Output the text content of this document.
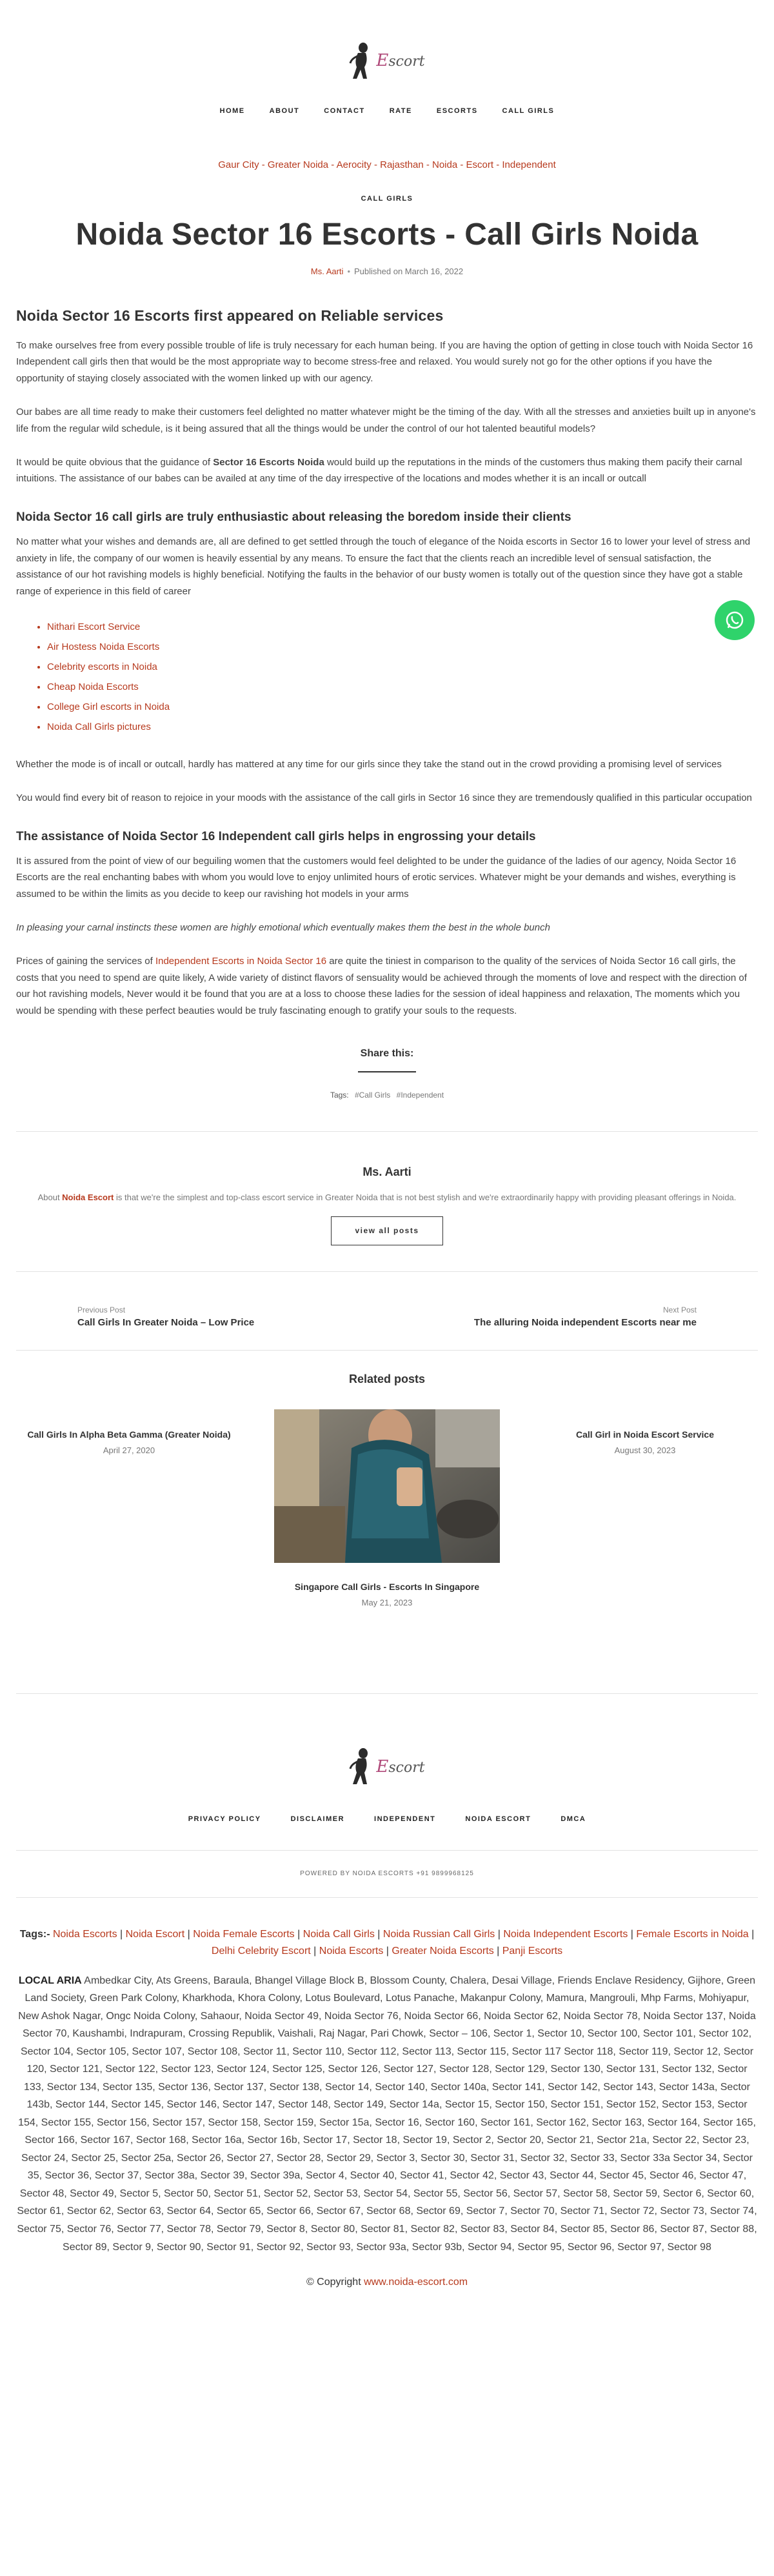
Escort
HOME	ABOUT	CONTACT	RATE	ESCORTS	CALL GIRLS
Gaur City - Greater Noida - Aerocity - Rajasthan - Noida - Escort - Independent
CALL GIRLS
Noida Sector 16 Escorts - Call Girls Noida
Ms. Aarti • Published on March 16, 2022
Noida Sector 16 Escorts first appeared on Reliable services

To make ourselves free from every possible trouble of life is truly necessary for each human being. If you are having the option of getting in close touch with Noida Sector 16 Independent call girls then that would be the most appropriate way to become stress-free and relaxed. You would surely not go for the other options if you have the opportunity of staying closely associated with the women linked up with our agency.

Our babes are all time ready to make their customers feel delighted no matter whatever might be the timing of the day. With all the stresses and anxieties built up in anyone's life from the regular wild schedule, is it being assured that all the things would be under the control of our hot talented beautiful models?

It would be quite obvious that the guidance of Sector 16 Escorts Noida would build up the reputations in the minds of the customers thus making them pacify their carnal intuitions. The assistance of our babes can be availed at any time of the day irrespective of the locations and modes whether it is an incall or outcall

Noida Sector 16 call girls are truly enthusiastic about releasing the boredom inside their clients

No matter what your wishes and demands are, all are defined to get settled through the touch of elegance of the Noida escorts in Sector 16 to lower your level of stress and anxiety in life, the company of our women is heavily essential by any means. To ensure the fact that the clients reach an incredible level of sensual satisfaction, the assistance of our hot ravishing models is highly beneficial. Notifying the faults in the behavior of our busty women is totally out of the question since they have got a stable range of experience in this field of career

• Nithari Escort Service
• Air Hostess Noida Escorts
• Celebrity escorts in Noida
• Cheap Noida Escorts
• College Girl escorts in Noida
• Noida Call Girls pictures

Whether the mode is of incall or outcall, hardly has mattered at any time for our girls since they take the stand out in the crowd providing a promising level of services

You would find every bit of reason to rejoice in your moods with the assistance of the call girls in Sector 16 since they are tremendously qualified in this particular occupation

The assistance of Noida Sector 16 Independent call girls helps in engrossing your details

It is assured from the point of view of our beguiling women that the customers would feel delighted to be under the guidance of the ladies of our agency, Noida Sector 16 Escorts are the real enchanting babes with whom you would love to enjoy unlimited hours of erotic services. Whatever might be your demands and wishes, everything is assumed to be within the limits as you decide to keep our ravishing hot models in your arms

In pleasing your carnal instincts these women are highly emotional which eventually makes them the best in the whole bunch

Prices of gaining the services of Independent Escorts in Noida Sector 16 are quite the tiniest in comparison to the quality of the services of Noida Sector 16 call girls, the costs that you need to spend are quite likely, A wide variety of distinct flavors of sensuality would be achieved through the moments of love and respect with the direction of our hot ravishing models, Never would it be found that you are at a loss to choose these ladies for the session of ideal happiness and relaxation, The moments which you would be spending with these perfect beauties would be truly fascinating enough to gratify your souls to the requests.

Share this:
Tags: #Call Girls #Independent
Ms. Aarti
About Noida Escort is that we're the simplest and top-class escort service in Greater Noida that is not best stylish and we're extraordinarily happy with providing pleasant offerings in Noida.
view all posts
Previous Post
Call Girls In Greater Noida – Low Price
Next Post
The alluring Noida independent Escorts near me
Related posts
Call Girls In Alpha Beta Gamma (Greater Noida)
April 27, 2020
Singapore Call Girls - Escorts In Singapore
May 21, 2023
Call Girl in Noida Escort Service
August 30, 2023
Escort
PRIVACY POLICY	DISCLAIMER	INDEPENDENT	NOIDA ESCORT	DMCA
POWERED BY NOIDA ESCORTS +91 9899968125
Tags:- Noida Escorts | Noida Escort | Noida Female Escorts | Noida Call Girls | Noida Russian Call Girls | Noida Independent Escorts | Female Escorts in Noida | Delhi Celebrity Escort | Noida Escorts | Greater Noida Escorts | Panji Escorts
LOCAL ARIA Ambedkar City, Ats Greens, Baraula, Bhangel Village Block B, Blossom County, Chalera, Desai Village, Friends Enclave Residency, Gijhore, Green Land Society, Green Park Colony, Kharkhoda, Khora Colony, Lotus Boulevard, Lotus Panache, Makanpur Colony, Mamura, Mangrouli, Mhp Farms, Mohiyapur, New Ashok Nagar, Ongc Noida Colony, Sahaour, Noida Sector 49, Noida Sector 76, Noida Sector 66, Noida Sector 62, Noida Sector 78, Noida Sector 137, Noida Sector 70, Kaushambi, Indrapuram, Crossing Republik, Vaishali, Raj Nagar, Pari Chowk, Sector – 106, Sector 1, Sector 10, Sector 100, Sector 101, Sector 102, Sector 104, Sector 105, Sector 107, Sector 108, Sector 11, Sector 110, Sector 112, Sector 113, Sector 115, Sector 117 Sector 118, Sector 119, Sector 12, Sector 120, Sector 121, Sector 122, Sector 123, Sector 124, Sector 125, Sector 126, Sector 127, Sector 128, Sector 129, Sector 130, Sector 131, Sector 132, Sector 133, Sector 134, Sector 135, Sector 136, Sector 137, Sector 138, Sector 14, Sector 140, Sector 140a, Sector 141, Sector 142, Sector 143, Sector 143a, Sector 143b, Sector 144, Sector 145, Sector 146, Sector 147, Sector 148, Sector 149, Sector 14a, Sector 15, Sector 150, Sector 151, Sector 152, Sector 153, Sector 154, Sector 155, Sector 156, Sector 157, Sector 158, Sector 159, Sector 15a, Sector 16, Sector 160, Sector 161, Sector 162, Sector 163, Sector 164, Sector 165, Sector 166, Sector 167, Sector 168, Sector 16a, Sector 16b, Sector 17, Sector 18, Sector 19, Sector 2, Sector 20, Sector 21, Sector 21a, Sector 22, Sector 23, Sector 24, Sector 25, Sector 25a, Sector 26, Sector 27, Sector 28, Sector 29, Sector 3, Sector 30, Sector 31, Sector 32, Sector 33, Sector 33a Sector 34, Sector 35, Sector 36, Sector 37, Sector 38a, Sector 39, Sector 39a, Sector 4, Sector 40, Sector 41, Sector 42, Sector 43, Sector 44, Sector 45, Sector 46, Sector 47, Sector 48, Sector 49, Sector 5, Sector 50, Sector 51, Sector 52, Sector 53, Sector 54, Sector 55, Sector 56, Sector 57, Sector 58, Sector 59, Sector 6, Sector 60, Sector 61, Sector 62, Sector 63, Sector 64, Sector 65, Sector 66, Sector 67, Sector 68, Sector 69, Sector 7, Sector 70, Sector 71, Sector 72, Sector 73, Sector 74, Sector 75, Sector 76, Sector 77, Sector 78, Sector 79, Sector 8, Sector 80, Sector 81, Sector 82, Sector 83, Sector 84, Sector 85, Sector 86, Sector 87, Sector 88, Sector 89, Sector 9, Sector 90, Sector 91, Sector 92, Sector 93, Sector 93a, Sector 93b, Sector 94, Sector 95, Sector 96, Sector 97, Sector 98
© Copyright www.noida-escort.com
